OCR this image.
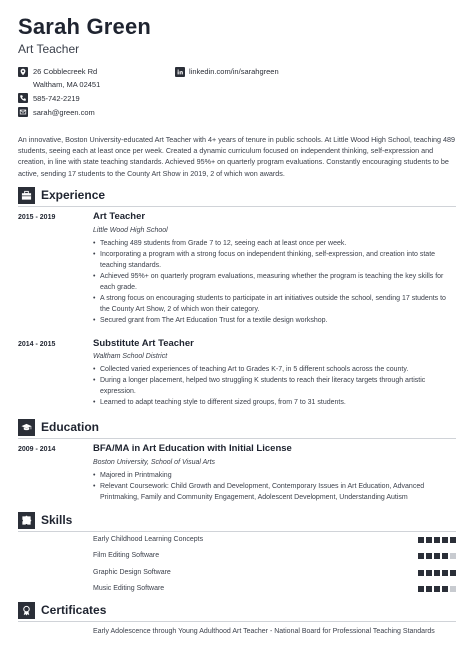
Sarah Green
Art Teacher
26 Cobblecreek Rd
Waltham, MA 02451
585-742-2219
sarah@green.com
linkedin.com/in/sarahgreen
An innovative, Boston University-educated Art Teacher with 4+ years of tenure in public schools. At Little Wood High School, teaching 489 students, seeing each at least once per week. Created a dynamic curriculum focused on independent thinking, self-expression and creation, in line with state teaching standards. Achieved 95%+ on quarterly program evaluations. Constantly encouraging students to be active, sending 17 students to the County Art Show in 2019, 2 of which won awards.
Experience
2015 - 2019	Art Teacher
Little Wood High School
• Teaching 489 students from Grade 7 to 12, seeing each at least once per week.
• Incorporating a program with a strong focus on independent thinking, self-expression, and creation into state teaching standards.
• Achieved 95%+ on quarterly program evaluations, measuring whether the program is teaching the key skills for each grade.
• A strong focus on encouraging students to participate in art initiatives outside the school, sending 17 students to the County Art Show, 2 of which won their category.
• Secured grant from The Art Education Trust for a textile design workshop.
2014 - 2015	Substitute Art Teacher
Waltham School District
• Collected varied experiences of teaching Art to Grades K-7, in 5 different schools across the county.
• During a longer placement, helped two struggling K students to reach their literacy targets through artistic expression.
• Learned to adapt teaching style to different sized groups, from 7 to 31 students.
Education
2009 - 2014	BFA/MA in Art Education with Initial License
Boston University, School of Visual Arts
• Majored in Printmaking
• Relevant Coursework: Child Growth and Development, Contemporary Issues in Art Education, Advanced Printmaking, Family and Community Engagement, Adolescent Development, Understanding Autism
Skills
Early Childhood Learning Concepts
Film Editing Software
Graphic Design Software
Music Editing Software
Certificates
Early Adolescence through Young Adulthood Art Teacher - National Board for Professional Teaching Standards
